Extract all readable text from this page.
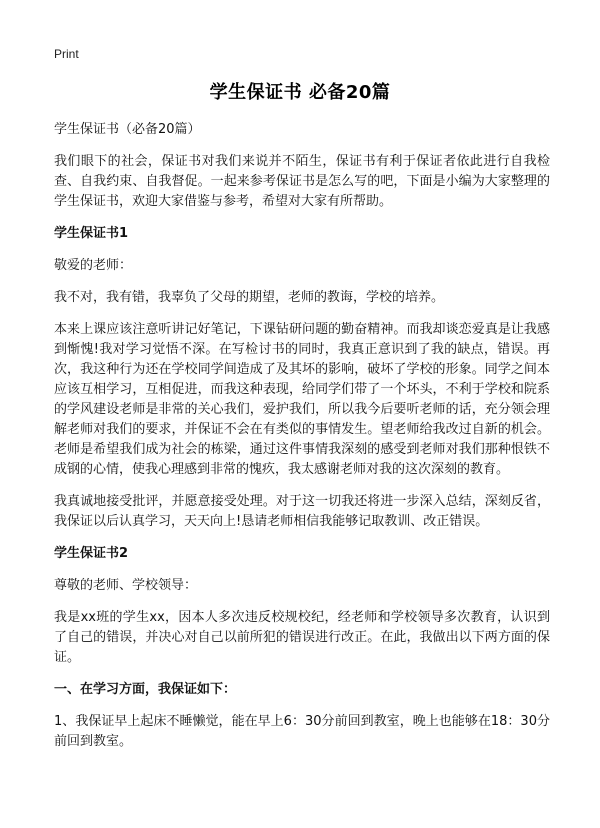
Print
学生保证书 必备20篇
学生保证书（必备20篇）
我们眼下的社会，保证书对我们来说并不陌生，保证书有利于保证者依此进行自我检查、自我约束、自我督促。一起来参考保证书是怎么写的吧，下面是小编为大家整理的学生保证书，欢迎大家借鉴与参考，希望对大家有所帮助。
学生保证书1
敬爱的老师：
我不对，我有错，我辜负了父母的期望，老师的教诲，学校的培养。
本来上课应该注意听讲记好笔记，下课钻研问题的勤奋精神。而我却谈恋爱真是让我感到惭愧!我对学习觉悟不深。在写检讨书的同时，我真正意识到了我的缺点，错误。再次，我这种行为还在学校同学间造成了及其坏的影响，破坏了学校的形象。同学之间本应该互相学习，互相促进，而我这种表现，给同学们带了一个坏头，不利于学校和院系的学风建设老师是非常的关心我们，爱护我们，所以我今后要听老师的话，充分领会理解老师对我们的要求，并保证不会在有类似的事情发生。望老师给我改过自新的机会。老师是希望我们成为社会的栋梁，通过这件事情我深刻的感受到老师对我们那种恨铁不成钢的心情，使我心理感到非常的愧疚，我太感谢老师对我的这次深刻的教育。
我真诚地接受批评，并愿意接受处理。对于这一切我还将进一步深入总结，深刻反省，我保证以后认真学习，天天向上!恳请老师相信我能够记取教训、改正错误。
学生保证书2
尊敬的老师、学校领导：
我是xx班的学生xx，因本人多次违反校规校纪，经老师和学校领导多次教育，认识到了自己的错误，并决心对自己以前所犯的错误进行改正。在此，我做出以下两方面的保证。
一、在学习方面，我保证如下：
1、我保证早上起床不睡懒觉，能在早上6：30分前回到教室，晚上也能够在18：30分前回到教室。
